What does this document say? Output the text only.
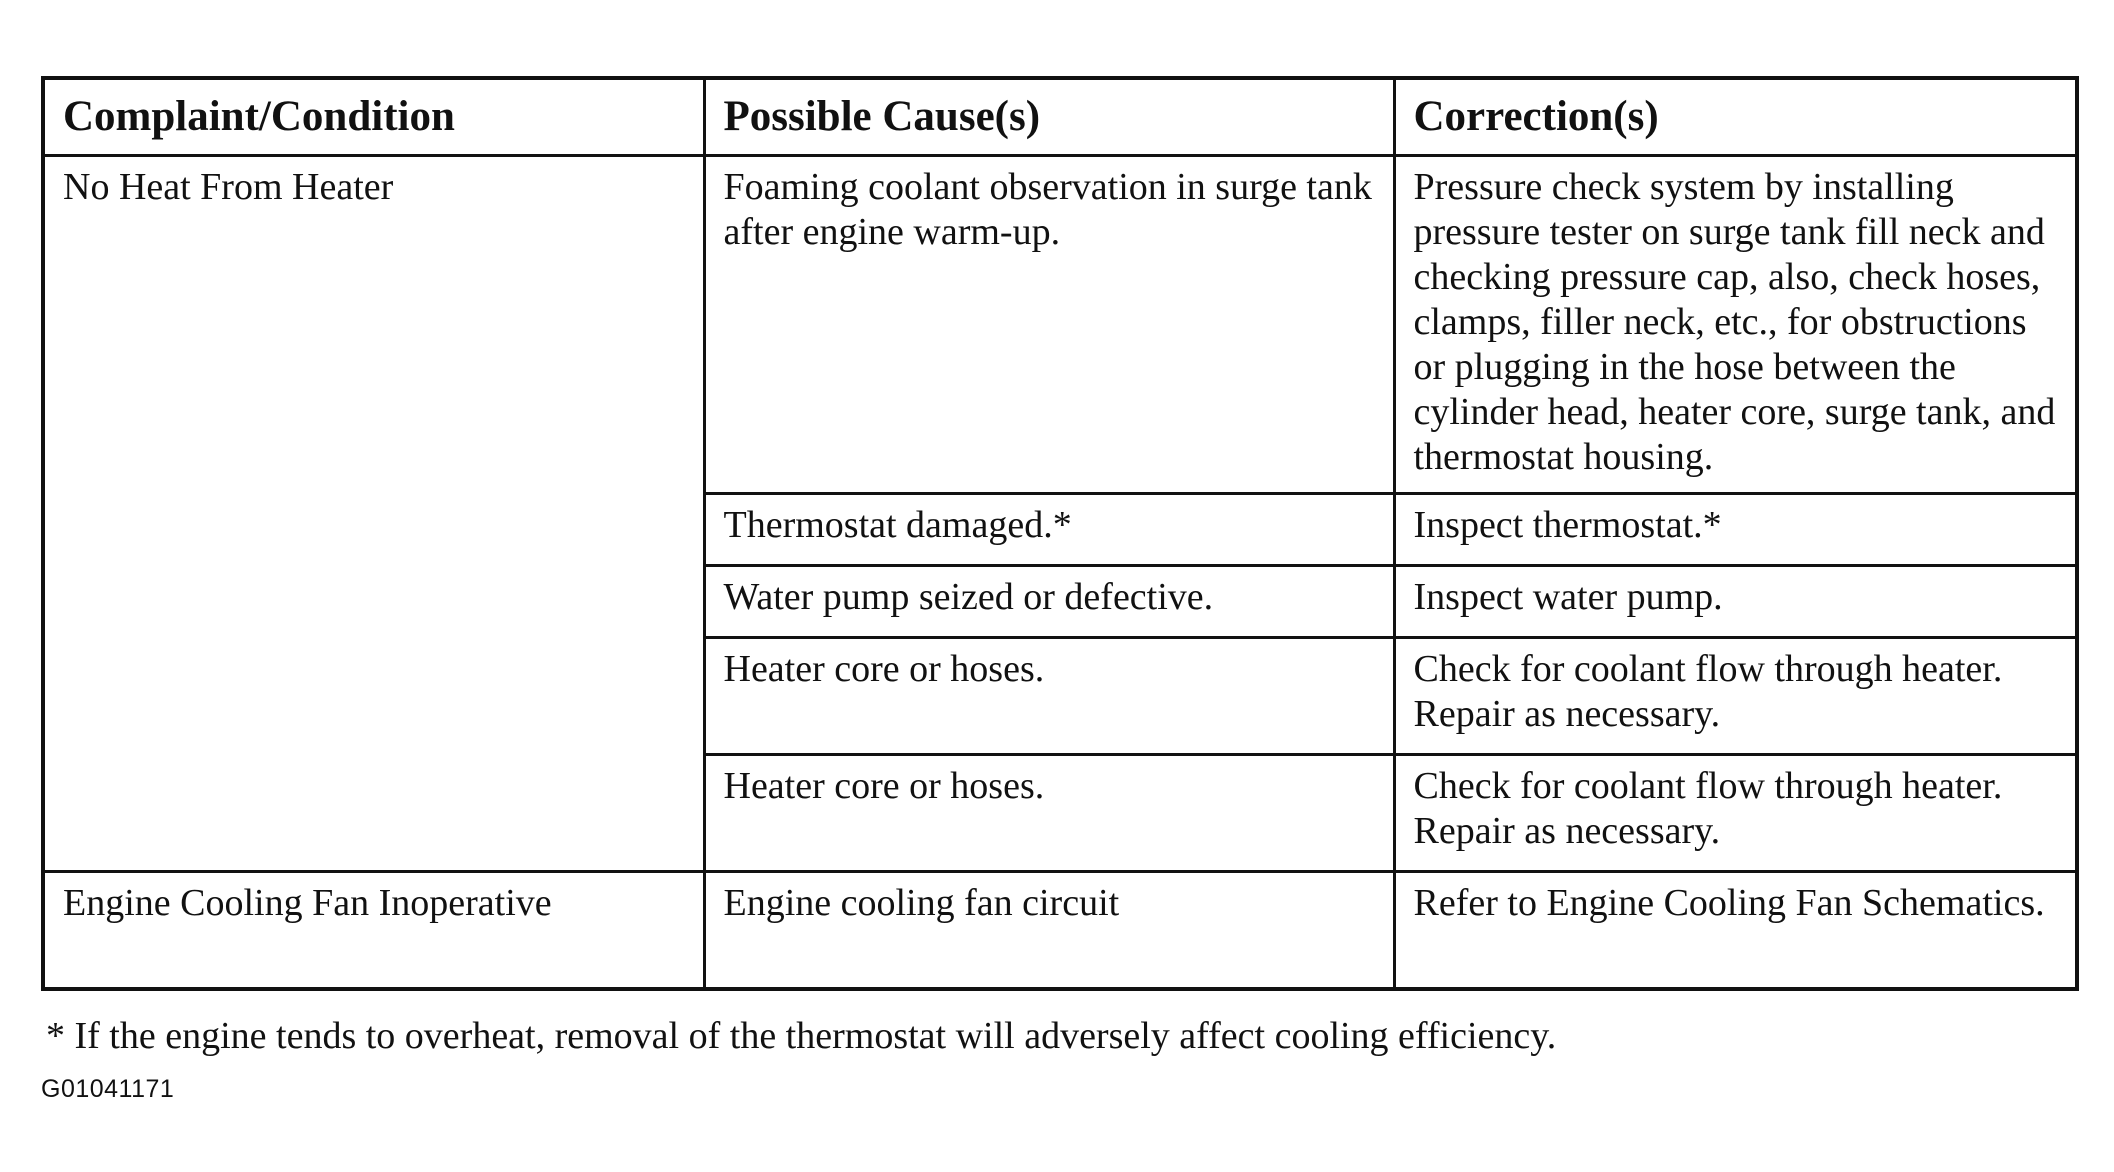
Complaint/Condition	Possible Cause(s)	Correction(s)
No Heat From Heater	Foaming coolant observation in surge tank after engine warm-up.	Pressure check system by installing pressure tester on surge tank fill neck and checking pressure cap, also, check hoses, clamps, filler neck, etc., for obstructions or plugging in the hose between the cylinder head, heater core, surge tank, and thermostat housing.
	Thermostat damaged.*	Inspect thermostat.*
	Water pump seized or defective.	Inspect water pump.
	Heater core or hoses.	Check for coolant flow through heater. Repair as necessary.
	Heater core or hoses.	Check for coolant flow through heater. Repair as necessary.
Engine Cooling Fan Inoperative	Engine cooling fan circuit	Refer to Engine Cooling Fan Schematics.
* If the engine tends to overheat, removal of the thermostat will adversely affect cooling efficiency.
G01041171
